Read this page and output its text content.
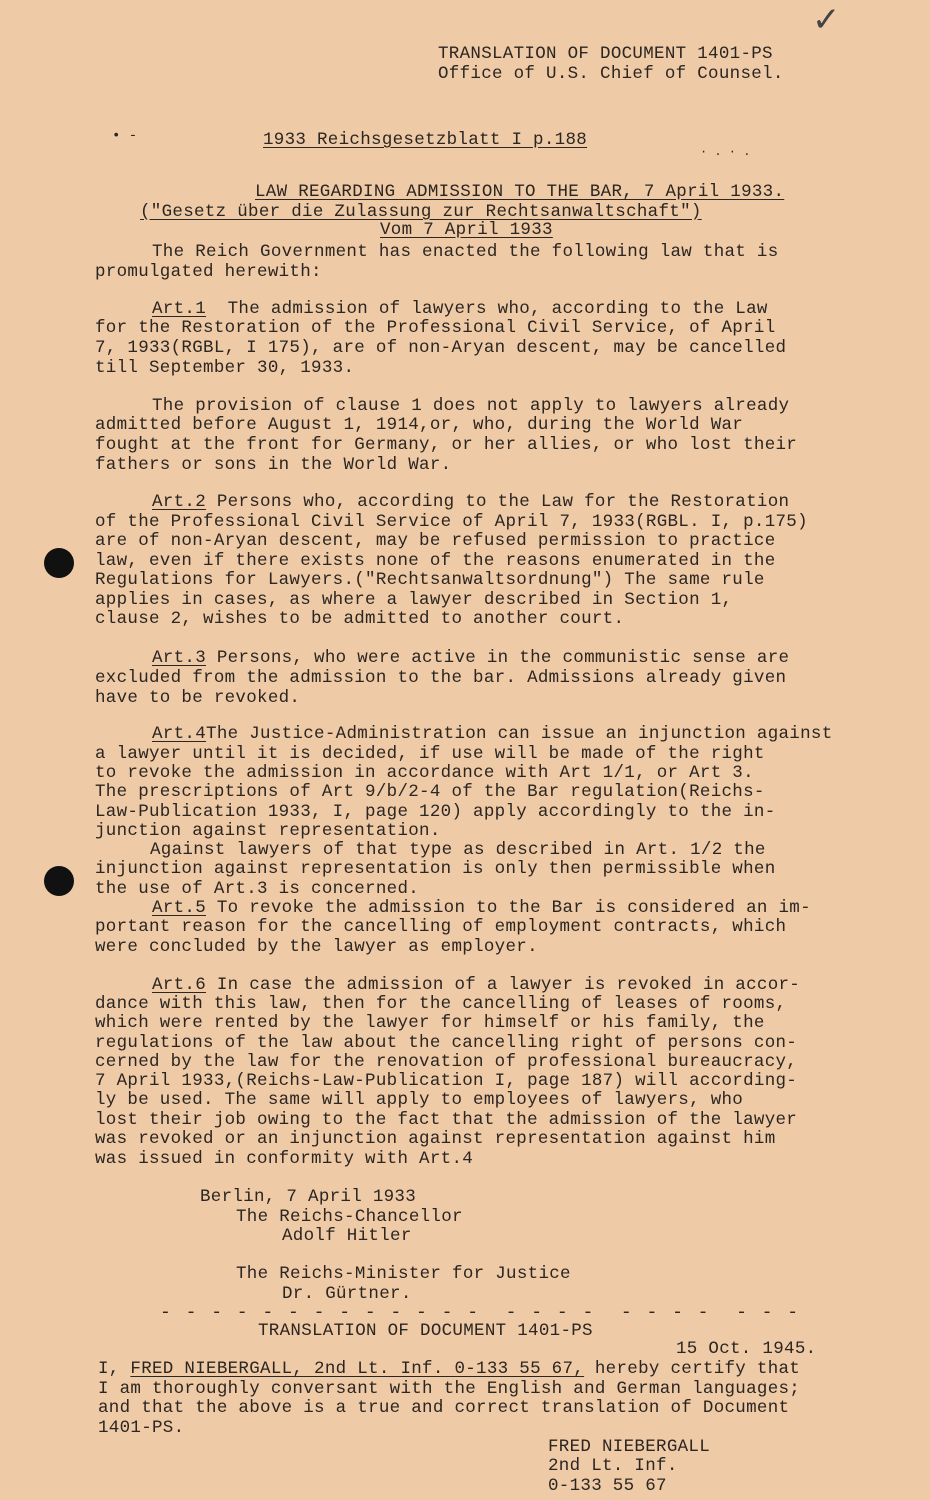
✓
TRANSLATION OF DOCUMENT 1401-PS
Office of U.S. Chief of Counsel.
• -	1933 Reichsgesetzblatt I p.188
· . · .
LAW REGARDING ADMISSION TO THE BAR, 7 April 1933.
("Gesetz über die Zulassung zur Rechtsanwaltschaft")
Vom 7 April 1933
The Reich Government has enacted the following law that is
promulgated herewith:
Art.1  The admission of lawyers who, according to the Law
for the Restoration of the Professional Civil Service, of April
7, 1933(RGBL, I 175), are of non-Aryan descent, may be cancelled
till September 30, 1933.
The provision of clause 1 does not apply to lawyers already
admitted before August 1, 1914,or, who, during the World War
fought at the front for Germany, or her allies, or who lost their
fathers or sons in the World War.
Art.2 Persons who, according to the Law for the Restoration
of the Professional Civil Service of April 7, 1933(RGBL. I, p.175)
are of non-Aryan descent, may be refused permission to practice
law, even if there exists none of the reasons enumerated in the
Regulations for Lawyers.("Rechtsanwaltsordnung") The same rule
applies in cases, as where a lawyer described in Section 1,
clause 2, wishes to be admitted to another court.
Art.3 Persons, who were active in the communistic sense are
excluded from the admission to the bar. Admissions already given
have to be revoked.
Art.4The Justice-Administration can issue an injunction against
a lawyer until it is decided, if use will be made of the right
to revoke the admission in accordance with Art 1/1, or Art 3.
The prescriptions of Art 9/b/2-4 of the Bar regulation(Reichs-
Law-Publication 1933, I, page 120) apply accordingly to the in-
junction against representation.
Against lawyers of that type as described in Art. 1/2 the
injunction against representation is only then permissible when
the use of Art.3 is concerned.
Art.5 To revoke the admission to the Bar is considered an im-
portant reason for the cancelling of employment contracts, which
were concluded by the lawyer as employer.
Art.6 In case the admission of a lawyer is revoked in accor-
dance with this law, then for the cancelling of leases of rooms,
which were rented by the lawyer for himself or his family, the
regulations of the law about the cancelling right of persons con-
cerned by the law for the renovation of professional bureaucracy,
7 April 1933,(Reichs-Law-Publication I, page 187) will according-
ly be used. The same will apply to employees of lawyers, who
lost their job owing to the fact that the admission of the lawyer
was revoked or an injunction against representation against him
was issued in conformity with Art.4
Berlin, 7 April 1933
The Reichs-Chancellor
Adolf Hitler
The Reichs-Minister for Justice
Dr. Gürtner.
- - - - - - - - - - - - -  - - - -  - - - -  - - -
TRANSLATION OF DOCUMENT 1401-PS
15 Oct. 1945.
I, FRED NIEBERGALL, 2nd Lt. Inf. 0-133 55 67, hereby certify that
I am thoroughly conversant with the English and German languages;
and that the above is a true and correct translation of Document
1401-PS.
FRED NIEBERGALL
2nd Lt. Inf.
0-133 55 67
